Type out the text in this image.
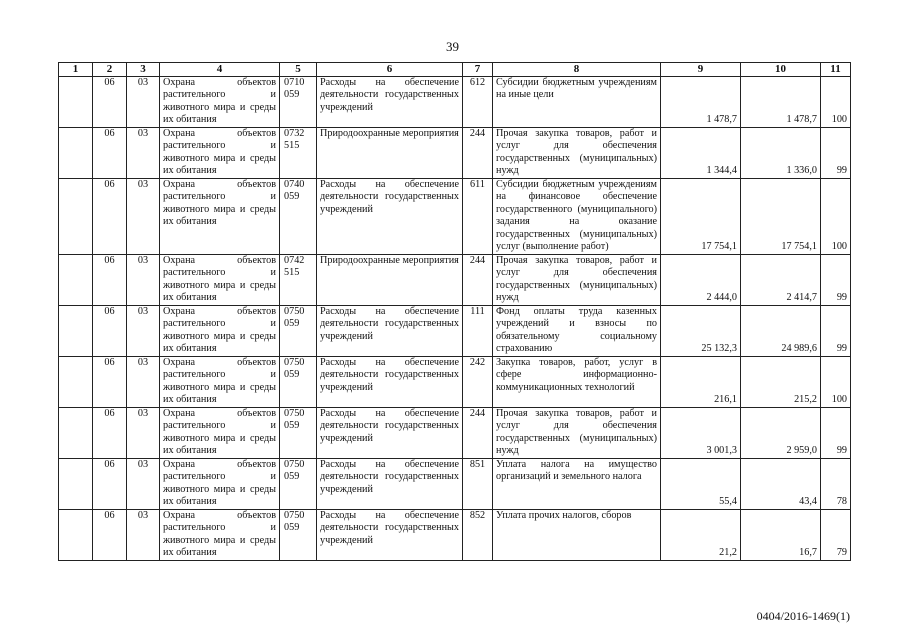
39
1	2	3	4	5	6	7	8	9	10	11
	06	03	Охрана объектов растительного и животного мира и среды их обитания	0710 059	Расходы на обеспечение деятельности государственных учреждений	612	Субсидии бюджетным учреждениям на иные цели	1 478,7	1 478,7	100
	06	03	Охрана объектов растительного и животного мира и среды их обитания	0732 515	Природоохранные мероприятия	244	Прочая закупка товаров, работ и услуг для обеспечения государственных (муниципальных) нужд	1 344,4	1 336,0	99
	06	03	Охрана объектов растительного и животного мира и среды их обитания	0740 059	Расходы на обеспечение деятельности государственных учреждений	611	Субсидии бюджетным учреждениям на финансовое обеспечение государственного (муниципального) задания на оказание государственных (муниципальных) услуг (выполнение работ)	17 754,1	17 754,1	100
	06	03	Охрана объектов растительного и животного мира и среды их обитания	0742 515	Природоохранные мероприятия	244	Прочая закупка товаров, работ и услуг для обеспечения государственных (муниципальных) нужд	2 444,0	2 414,7	99
	06	03	Охрана объектов растительного и животного мира и среды их обитания	0750 059	Расходы на обеспечение деятельности государственных учреждений	111	Фонд оплаты труда казенных учреждений и взносы по обязательному социальному страхованию	25 132,3	24 989,6	99
	06	03	Охрана объектов растительного и животного мира и среды их обитания	0750 059	Расходы на обеспечение деятельности государственных учреждений	242	Закупка товаров, работ, услуг в сфере информационно-коммуникационных технологий	216,1	215,2	100
	06	03	Охрана объектов растительного и животного мира и среды их обитания	0750 059	Расходы на обеспечение деятельности государственных учреждений	244	Прочая закупка товаров, работ и услуг для обеспечения государственных (муниципальных) нужд	3 001,3	2 959,0	99
	06	03	Охрана объектов растительного и животного мира и среды их обитания	0750 059	Расходы на обеспечение деятельности государственных учреждений	851	Уплата налога на имущество организаций и земельного налога	55,4	43,4	78
	06	03	Охрана объектов растительного и животного мира и среды их обитания	0750 059	Расходы на обеспечение деятельности государственных учреждений	852	Уплата прочих налогов, сборов	21,2	16,7	79
0404/2016-1469(1)
